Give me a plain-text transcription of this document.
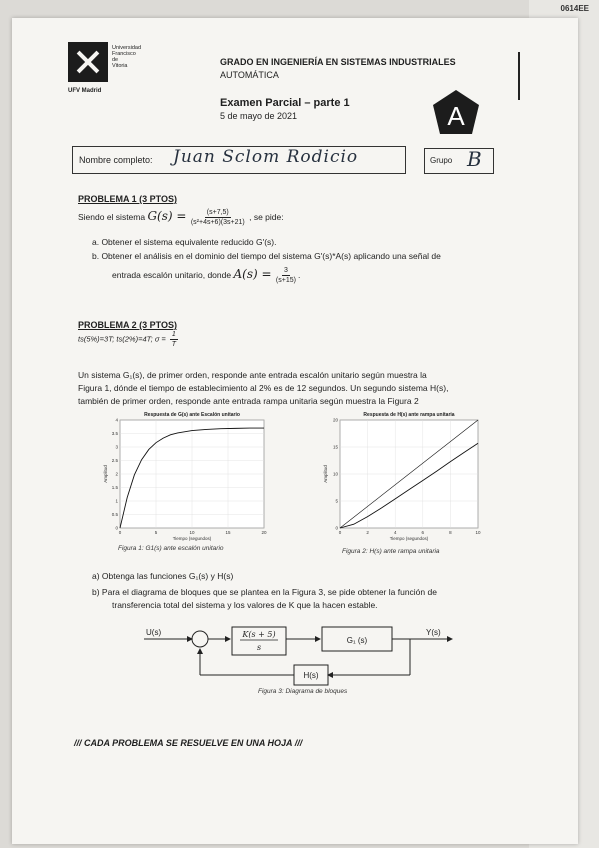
0614EE
Universidad
Francisco de
Vitoria
UFV Madrid
GRADO EN INGENIERÍA EN SISTEMAS INDUSTRIALES
AUTOMÁTICA
Examen Parcial – parte 1
5 de mayo de 2021	A
Nombre completo: Juan Sclom Rodicio	Grupo B
PROBLEMA 1 (3 PTOS)
Siendo el sistema $G(s) = \frac{(s+7,5)}{\text{(s²+4s+6)(3s+21)}}$ , se pide:
a. Obtener el sistema equivalente reducido G'(s).
b. Obtener el análisis en el dominio del tiempo del sistema G'(s)*A(s) aplicando una señal de
entrada escalón unitario, donde $A(s) = \frac{3}{(s+15)}$ .
PROBLEMA 2 (3 PTOS)
ts(5%)=3T; ts(2%)=4T; $\sigma = \frac{1}{T}$
Un sistema G₁(s), de primer orden, responde ante entrada escalón unitario según muestra la
Figura 1, dónde el tiempo de establecimiento al 2% es de 12 segundos. Un segundo sistema H(s),
también de primer orden, responde ante entrada rampa unitaria según muestra la Figura 2
Respuesta de G(s) ante Escalón unitario
0	5	10	15	20
0
0.5
1
1.5
2
2.5
3
3.5
4
Tiempo (segundos)
Amplitud
Figura 1: G1(s) ante escalón unitario
Respuesta de H(s) ante rampa unitaria
0	2	4	6	8	10
0
5
10
15
20
Tiempo (segundos)
Amplitud
Figura 2: H(s) ante rampa unitaria
a) Obtenga las funciones G₁(s) y H(s)
b) Para el diagrama de bloques que se plantea en la Figura 3, se pide obtener la función de
transferencia total del sistema y los valores de K que la hacen estable.
U(s)	K(s + 5)
s
G₁ (s)
Y(s)
H(s)
Figura 3: Diagrama de bloques
/// CADA PROBLEMA SE RESUELVE EN UNA HOJA ///
